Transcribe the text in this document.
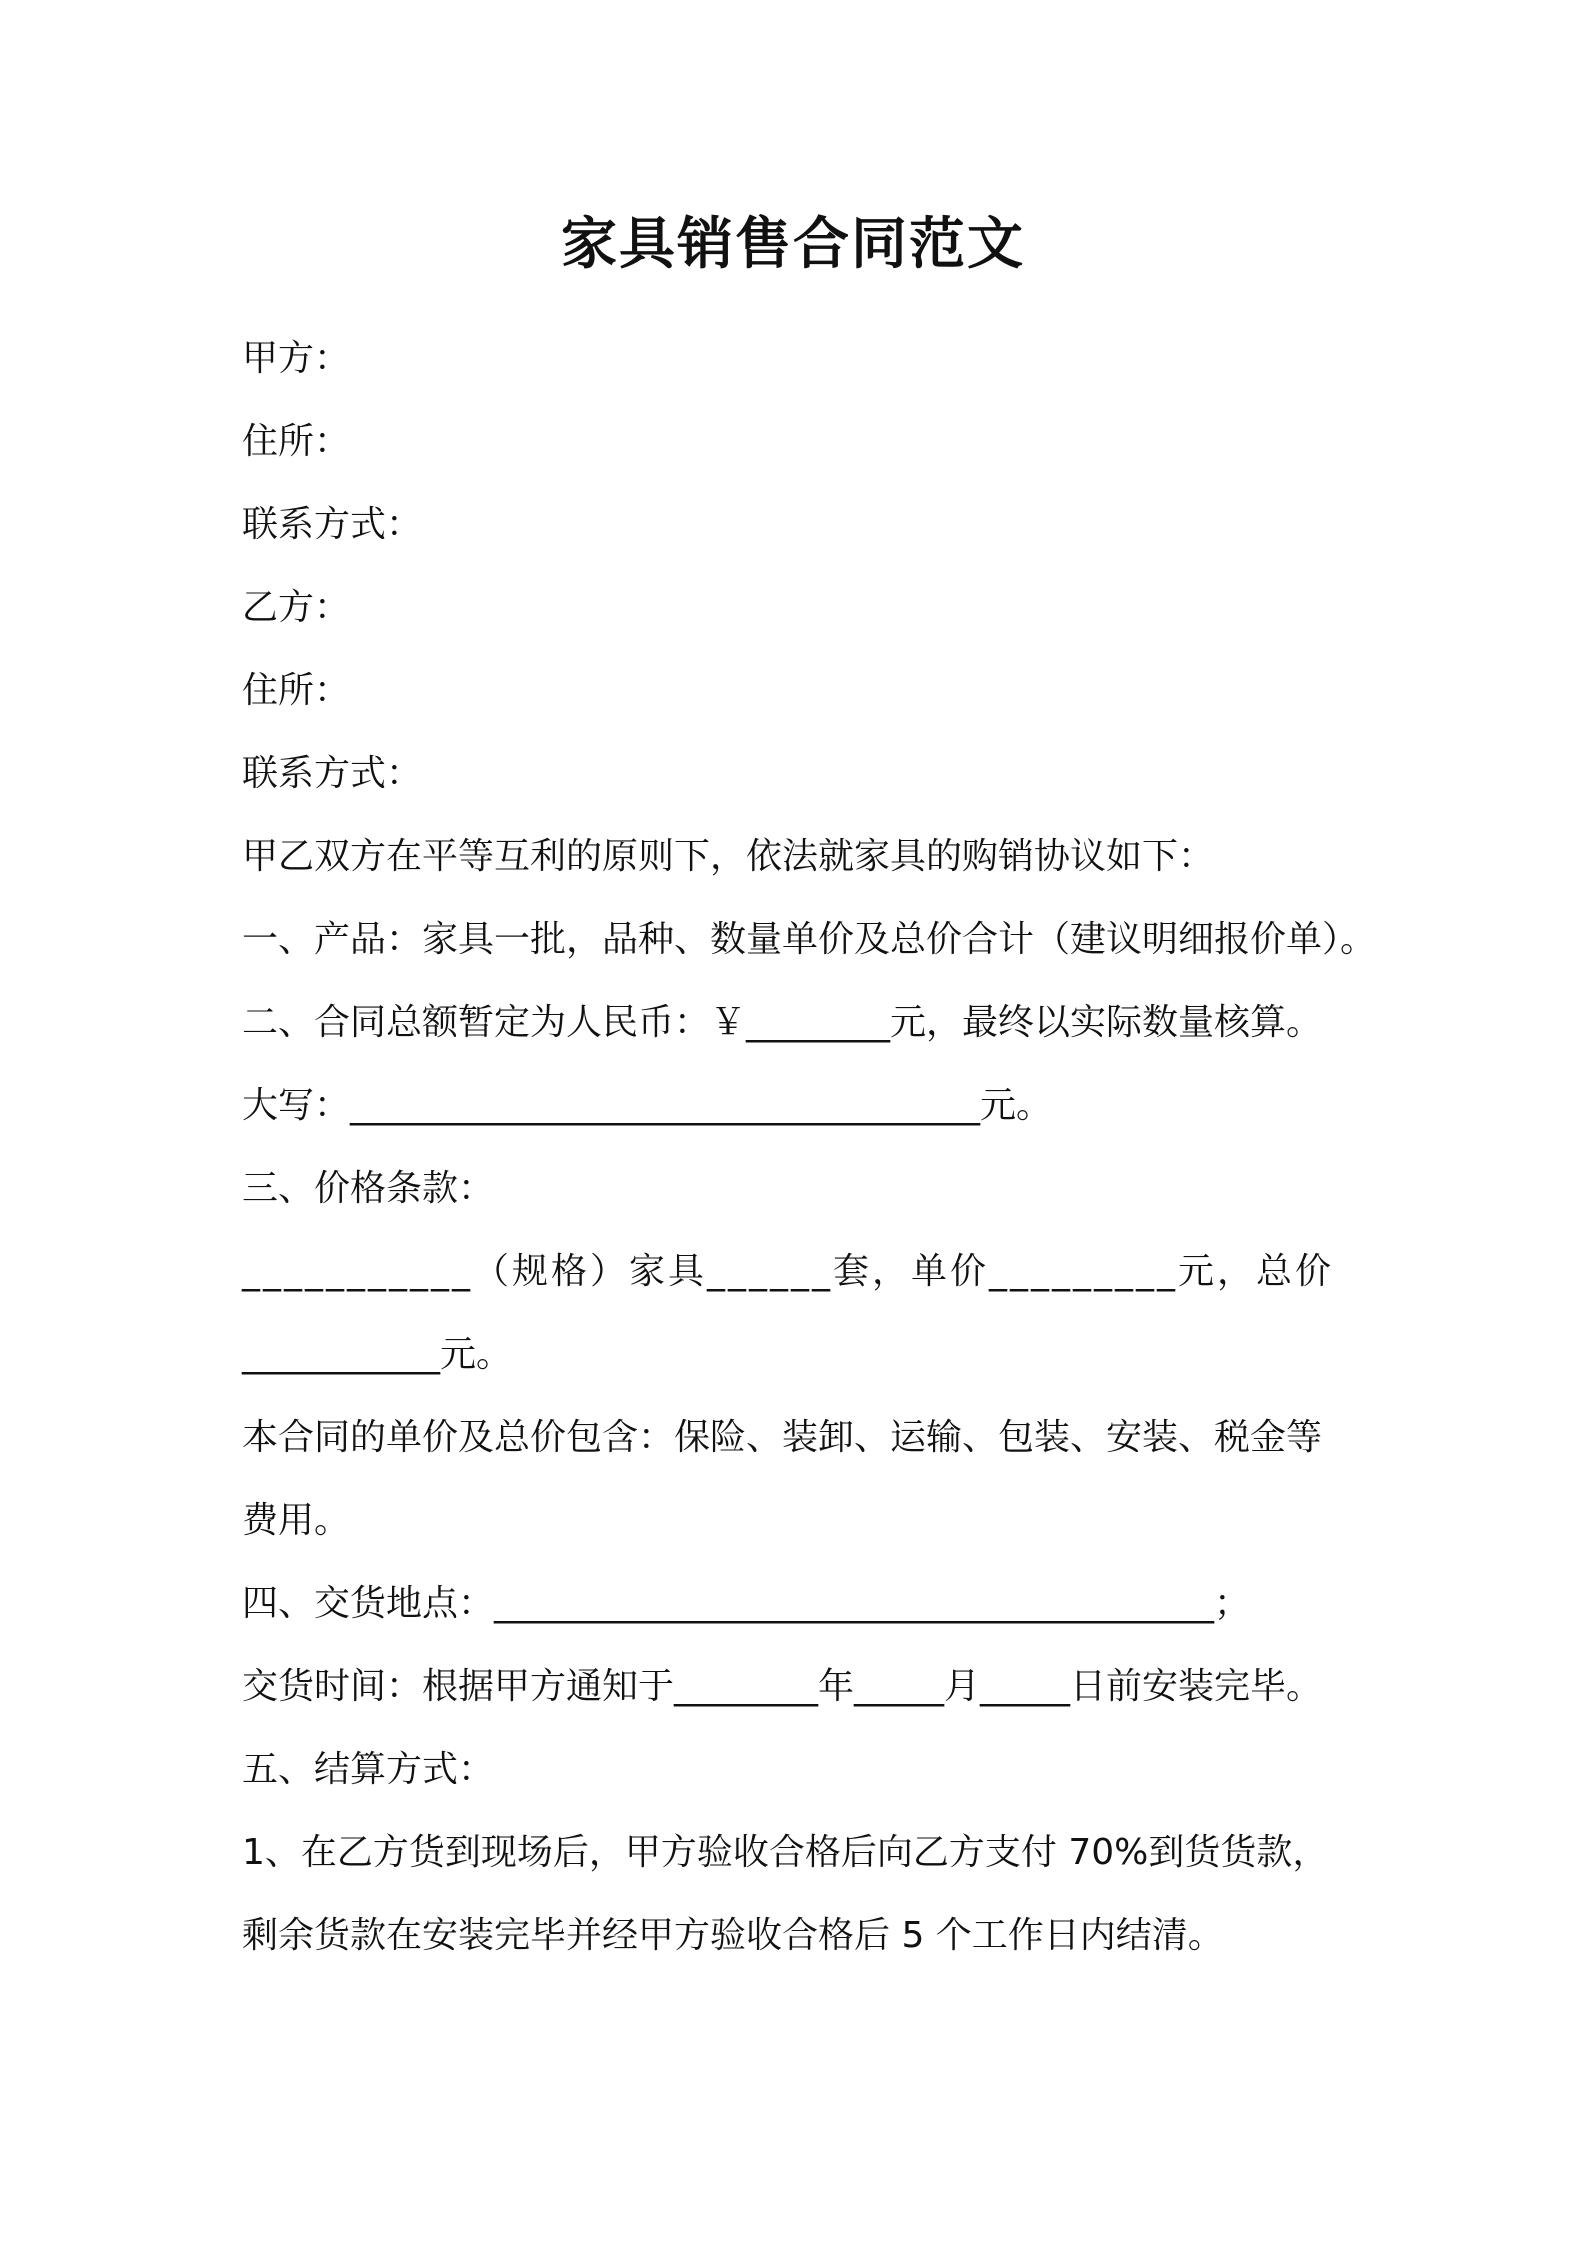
家具销售合同范文
甲方：
住所：
联系方式：
乙方：
住所：
联系方式：
甲乙双方在平等互利的原则下，依法就家具的购销协议如下：
一、产品：家具一批，品种、数量单价及总价合计（建议明细报价单）。
二、合同总额暂定为人民币：￥________元，最终以实际数量核算。
大写：___________________________________元。
三、价格条款：
___________（规格）家具______套，单价_________元，总价
___________元。
本合同的单价及总价包含：保险、装卸、运输、包装、安装、税金等
费用。
四、交货地点：________________________________________；
交货时间：根据甲方通知于________年_____月_____日前安装完毕。
五、结算方式：
1、在乙方货到现场后，甲方验收合格后向乙方支付 70%到货货款，
剩余货款在安装完毕并经甲方验收合格后 5 个工作日内结清。
